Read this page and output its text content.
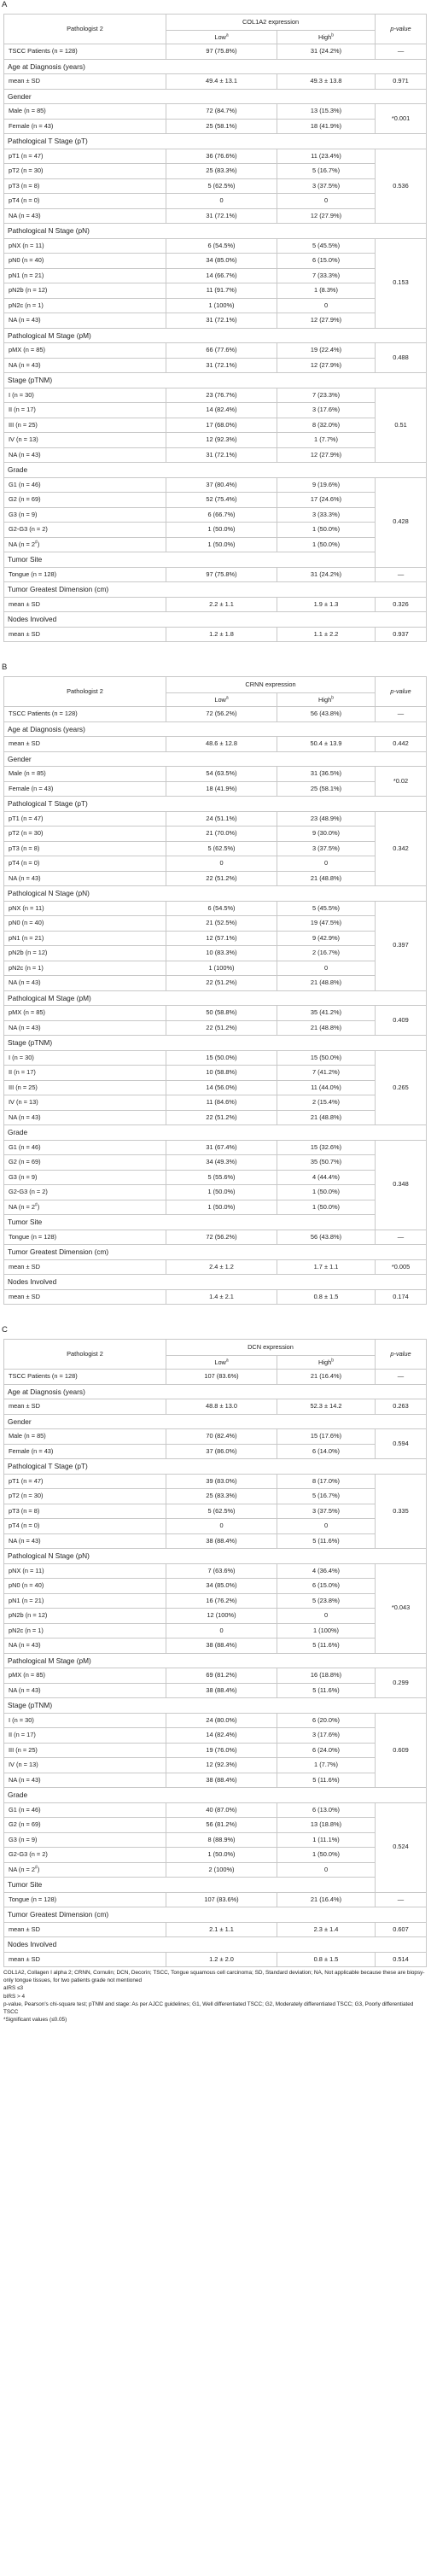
A
Pathologist 2	COL1A2 expression		p-value
	Low$^a$	High$^b$
TSCC Patients (n = 128)	97 (75.8%)	31 (24.2%)	—
Age at Diagnosis (years)			
mean ± SD	49.4 ± 13.1	49.3 ± 13.8	0.971
Gender			
Male (n = 85)	72 (84.7%)	13 (15.3%)	*0.001
Female (n = 43)	25 (58.1%)	18 (41.9%)	
Pathological T Stage (pT)			
pT1 (n = 47)	36 (76.6%)	11 (23.4%)	0.536
pT2 (n = 30)	25 (83.3%)	5 (16.7%)	
pT3 (n = 8)	5 (62.5%)	3 (37.5%)	
pT4 (n = 0)	0	0	
NA (n = 43)	31 (72.1%)	12 (27.9%)	
Pathological N Stage (pN)			
pNX (n = 11)	6 (54.5%)	5 (45.5%)	0.153
pN0 (n = 40)	34 (85.0%)	6 (15.0%)	
pN1 (n = 21)	14 (66.7%)	7 (33.3%)	
pN2b (n = 12)	11 (91.7%)	1 (8.3%)	
pN2c (n = 1)	1 (100%)	0	
NA (n = 43)	31 (72.1%)	12 (27.9%)	
Pathological M Stage (pM)			
pMX (n = 85)	66 (77.6%)	19 (22.4%)	0.488
NA (n = 43)	31 (72.1%)	12 (27.9%)	
Stage (pTNM)			
I (n = 30)	23 (76.7%)	7 (23.3%)	0.51
II (n = 17)	14 (82.4%)	3 (17.6%)	
III (n = 25)	17 (68.0%)	8 (32.0%)	
IV (n = 13)	12 (92.3%)	1 (7.7%)	
NA (n = 43)	31 (72.1%)	12 (27.9%)	
Grade			
G1 (n = 46)	37 (80.4%)	9 (19.6%)	0.428
G2 (n = 69)	52 (75.4%)	17 (24.6%)	
G3 (n = 9)	6 (66.7%)	3 (33.3%)	
G2-G3 (n = 2)	1 (50.0%)	1 (50.0%)	
NA (n = 2#)	1 (50.0%)	1 (50.0%)	
Tumor Site			
Tongue (n = 128)	97 (75.8%)	31 (24.2%)	—
Tumor Greatest Dimension (cm)			
mean ± SD	2.2 ± 1.1	1.9 ± 1.3	0.326
Nodes Involved			
mean ± SD	1.2 ± 1.8	1.1 ± 2.2	0.937
B
Pathologist 2	CRNN expression		p-value
	Low$^a$	High$^b$
TSCC Patients (n = 128)	72 (56.2%)	56 (43.8%)	—
Age at Diagnosis (years)			
mean ± SD	48.6 ± 12.8	50.4 ± 13.9	0.442
Gender			
Male (n = 85)	54 (63.5%)	31 (36.5%)	*0.02
Female (n = 43)	18 (41.9%)	25 (58.1%)	
Pathological T Stage (pT)			
pT1 (n = 47)	24 (51.1%)	23 (48.9%)	0.342
pT2 (n = 30)	21 (70.0%)	9 (30.0%)	
pT3 (n = 8)	5 (62.5%)	3 (37.5%)	
pT4 (n = 0)	0	0	
NA (n = 43)	22 (51.2%)	21 (48.8%)	
Pathological N Stage (pN)			
pNX (n = 11)	6 (54.5%)	5 (45.5%)	0.397
pN0 (n = 40)	21 (52.5%)	19 (47.5%)	
pN1 (n = 21)	12 (57.1%)	9 (42.9%)	
pN2b (n = 12)	10 (83.3%)	2 (16.7%)	
pN2c (n = 1)	1 (100%)	0	
NA (n = 43)	22 (51.2%)	21 (48.8%)	
Pathological M Stage (pM)			
pMX (n = 85)	50 (58.8%)	35 (41.2%)	0.409
NA (n = 43)	22 (51.2%)	21 (48.8%)	
Stage (pTNM)			
I (n = 30)	15 (50.0%)	15 (50.0%)	0.265
II (n = 17)	10 (58.8%)	7 (41.2%)	
III (n = 25)	14 (56.0%)	11 (44.0%)	
IV (n = 13)	11 (84.6%)	2 (15.4%)	
NA (n = 43)	22 (51.2%)	21 (48.8%)	
Grade			
G1 (n = 46)	31 (67.4%)	15 (32.6%)	0.348
G2 (n = 69)	34 (49.3%)	35 (50.7%)	
G3 (n = 9)	5 (55.6%)	4 (44.4%)	
G2-G3 (n = 2)	1 (50.0%)	1 (50.0%)	
NA (n = 2#)	1 (50.0%)	1 (50.0%)	
Tumor Site			
Tongue (n = 128)	72 (56.2%)	56 (43.8%)	—
Tumor Greatest Dimension (cm)			
mean ± SD	2.4 ± 1.2	1.7 ± 1.1	*0.005
Nodes Involved			
mean ± SD	1.4 ± 2.1	0.8 ± 1.5	0.174
C
Pathologist 2	DCN expression		p-value
	Low$^a$	High$^b$
TSCC Patients (n = 128)	107 (83.6%)	21 (16.4%)	—
Age at Diagnosis (years)			
mean ± SD	48.8 ± 13.0	52.3 ± 14.2	0.263
Gender			
Male (n = 85)	70 (82.4%)	15 (17.6%)	0.594
Female (n = 43)	37 (86.0%)	6 (14.0%)	
Pathological T Stage (pT)			
pT1 (n = 47)	39 (83.0%)	8 (17.0%)	0.335
pT2 (n = 30)	25 (83.3%)	5 (16.7%)	
pT3 (n = 8)	5 (62.5%)	3 (37.5%)	
pT4 (n = 0)	0	0	
NA (n = 43)	38 (88.4%)	5 (11.6%)	
Pathological N Stage (pN)			
pNX (n = 11)	7 (63.6%)	4 (36.4%)	*0.043
pN0 (n = 40)	34 (85.0%)	6 (15.0%)	
pN1 (n = 21)	16 (76.2%)	5 (23.8%)	
pN2b (n = 12)	12 (100%)	0	
pN2c (n = 1)	0	1 (100%)	
NA (n = 43)	38 (88.4%)	5 (11.6%)	
Pathological M Stage (pM)			
pMX (n = 85)	69 (81.2%)	16 (18.8%)	0.299
NA (n = 43)	38 (88.4%)	5 (11.6%)	
Stage (pTNM)			
I (n = 30)	24 (80.0%)	6 (20.0%)	0.609
II (n = 17)	14 (82.4%)	3 (17.6%)	
III (n = 25)	19 (76.0%)	6 (24.0%)	
IV (n = 13)	12 (92.3%)	1 (7.7%)	
NA (n = 43)	38 (88.4%)	5 (11.6%)	
Grade			
G1 (n = 46)	40 (87.0%)	6 (13.0%)	0.524
G2 (n = 69)	56 (81.2%)	13 (18.8%)	
G3 (n = 9)	8 (88.9%)	1 (11.1%)	
G2-G3 (n = 2)	1 (50.0%)	1 (50.0%)	
NA (n = 2#)	2 (100%)	0	
Tumor Site			
Tongue (n = 128)	107 (83.6%)	21 (16.4%)	—
Tumor Greatest Dimension (cm)			
mean ± SD	2.1 ± 1.1	2.3 ± 1.4	0.607
Nodes Involved			
mean ± SD	1.2 ± 2.0	0.8 ± 1.5	0.514
COL1A2, Collagen I alpha 2; CRNN, Cornulin; DCN, Decorin; TSCC, Tongue squamous cell carcinoma; SD, Standard deviation; NA, Not applicable because these are biopsy-only tongue tissues, for two patients grade not mentioned
aIRS ≤3
bIRS > 4
p-value, Pearson's chi-square test; pTNM and stage: As per AJCC guidelines; G1, Well differentiated TSCC; G2, Moderately differentiated TSCC; G3, Poorly differentiated TSCC
*Significant values (≤0.05)
